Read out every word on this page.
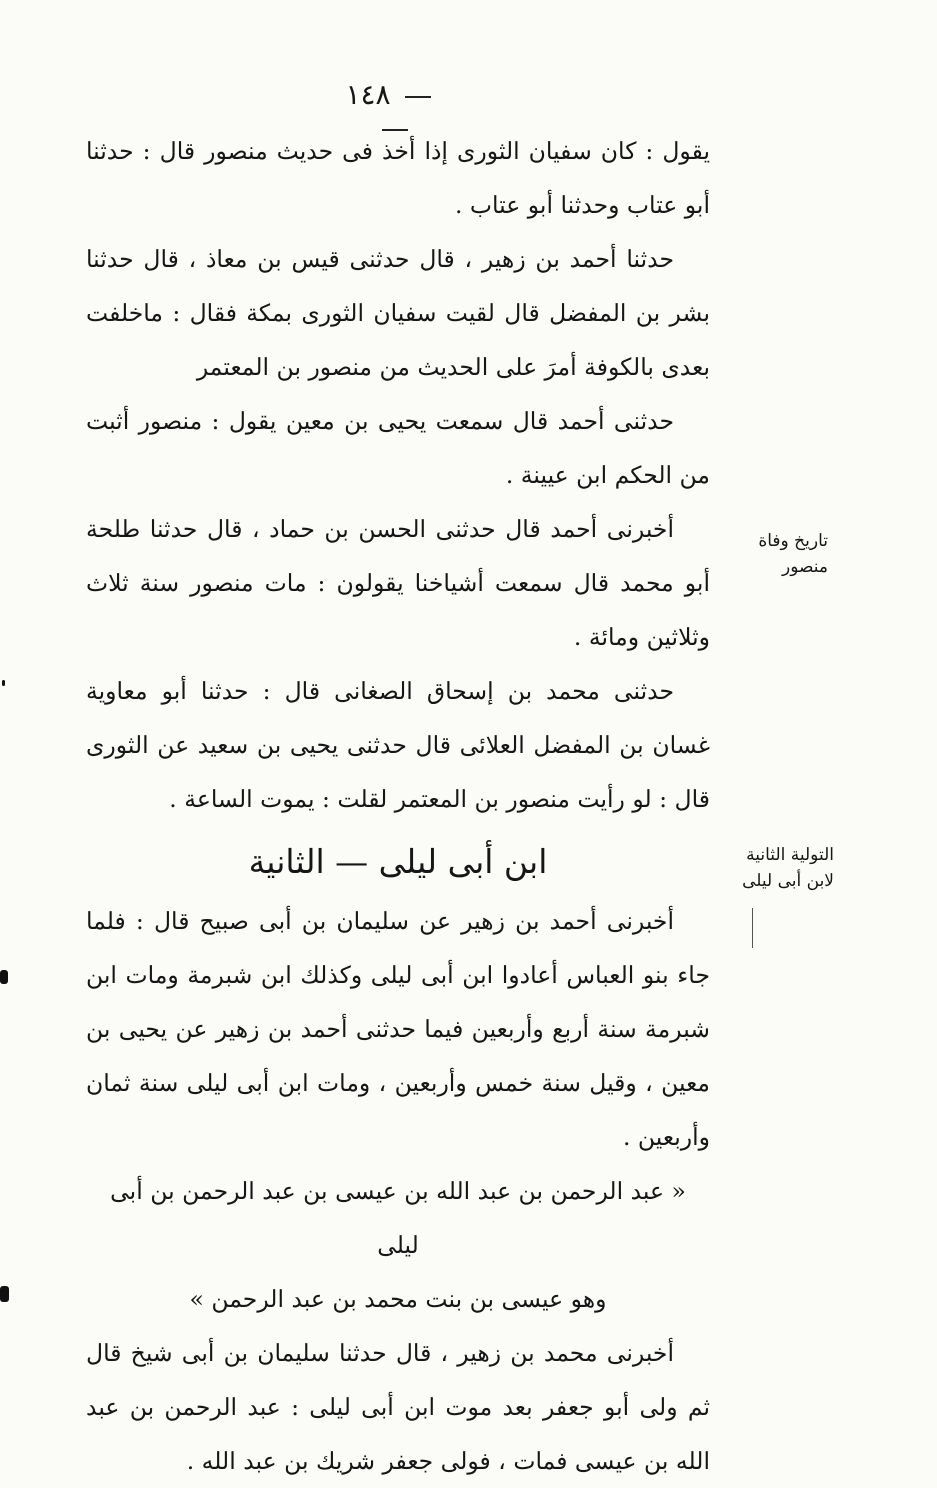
١٤٨

يقول : كان سفيان الثورى إذا أخذ فى حديث منصور قال : حدثنا أبو عتاب وحدثنا أبو عتاب .

حدثنا أحمد بن زهير ، قال حدثنى قيس بن معاذ ، قال حدثنا بشر بن المفضل قال لقيت سفيان الثورى بمكة فقال : ماخلفت بعدى بالكوفة أمرَ على الحديث من منصور بن المعتمر

حدثنى أحمد قال سمعت يحيى بن معين يقول : منصور أثبت من الحكم ابن عيينة .

أخبرنى أحمد قال حدثنى الحسن بن حماد ، قال حدثنا طلحة أبو محمد قال سمعت أشياخنا يقولون : مات منصور سنة ثلاث وثلاثين ومائة .

حدثنى محمد بن إسحاق الصغانى قال : حدثنا أبو معاوية غسان بن المفضل العلائى قال حدثنى يحيى بن سعيد عن الثورى قال : لو رأيت منصور بن المعتمر لقلت : يموت الساعة .

ابن أبى ليلى — الثانية

أخبرنى أحمد بن زهير عن سليمان بن أبى صبيح قال : فلما جاء بنو العباس أعادوا ابن أبى ليلى وكذلك ابن شبرمة ومات ابن شبرمة سنة أربع وأربعين فيما حدثنى أحمد بن زهير عن يحيى بن معين ، وقيل سنة خمس وأربعين ، ومات ابن أبى ليلى سنة ثمان وأربعين .

« عبد الرحمن بن عبد الله بن عيسى بن عبد الرحمن بن أبى ليلى

وهو عيسى بن بنت محمد بن عبد الرحمن »

أخبرنى محمد بن زهير ، قال حدثنا سليمان بن أبى شيخ قال ثم ولى أبو جعفر بعد موت ابن أبى ليلى : عبد الرحمن بن عبد الله بن عيسى فمات ، فولى جعفر شريك بن عبد الله .

تاريخ وفاة منصور
التولية الثانية لابن أبى ليلى
